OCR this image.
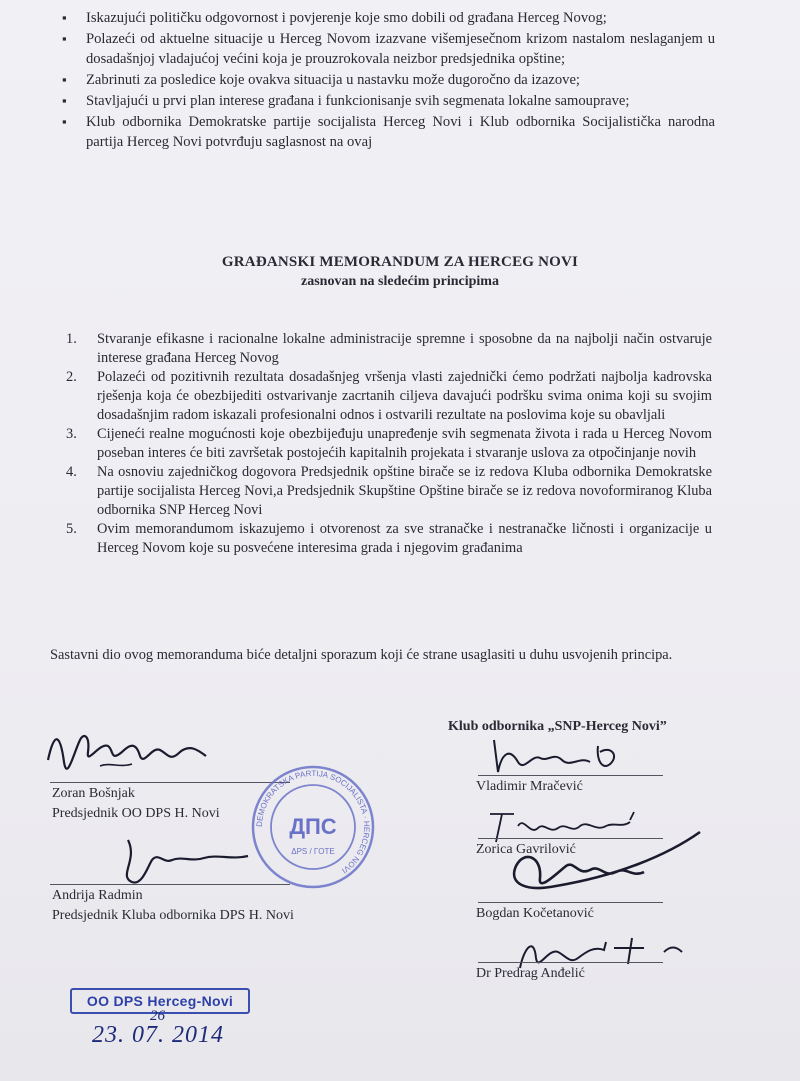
▪ Iskazujući političku odgovornost i povjerenje koje smo dobili od građana Herceg Novog;
▪ Polazeći od aktuelne situacije u Herceg Novom izazvane višemjesečnom krizom nastalom neslaganjem u dosadašnjoj vladajućoj većini koja je prouzrokovala neizbor predsjednika opštine;
▪ Zabrinuti za posledice koje ovakva situacija u nastavku može dugoročno da izazove;
▪ Stavljajući u prvi plan interese građana i funkcionisanje svih segmenata lokalne samouprave;
▪ Klub odbornika Demokratske partije socijalista Herceg Novi i Klub odbornika Socijalistička narodna partija Herceg Novi potvrđuju saglasnost na ovaj
GRAĐANSKI MEMORANDUM ZA HERCEG NOVI
zasnovan na sledećim principima
1. Stvaranje efikasne i racionalne lokalne administracije spremne i sposobne da na najbolji način ostvaruje interese građana Herceg Novog
2. Polazeći od pozitivnih rezultata dosadašnjeg vršenja vlasti zajednički ćemo podržati najbolja kadrovska rješenja koja će obezbijediti ostvarivanje zacrtanih ciljeva davajući podršku svima onima koji su svojim dosadašnjim radom iskazali profesionalni odnos i ostvarili rezultate na poslovima koje su obavljali
3. Cijeneći realne mogućnosti koje obezbijeđuju unapređenje svih segmenata života i rada u Herceg Novom poseban interes će biti završetak postojećih kapitalnih projekata i stvaranje uslova za otpočinjanje novih
4. Na osnoviu zajedničkog dogovora Predsjednik opštine birače se iz redova Kluba odbornika Demokratske partije socijalista Herceg Novi,a Predsjednik Skupštine Opštine birače se iz redova novoformiranog Kluba odbornika SNP Herceg Novi
5. Ovim memorandumom iskazujemo i otvorenost za sve stranačke i nestranačke ličnosti i organizacije u Herceg Novom koje su posvećene interesima grada i njegovim građanima
Sastavni dio ovog memoranduma biće detaljni sporazum koji će strane usaglasiti u duhu usvojenih principa.
Zoran Bošnjak
Predsjednik OO DPS H. Novi
Andrija Radmin
Predsjednik Kluba odbornika DPS H. Novi
DEMOKRATSKA PARTIJA SOCIJALISTA · HERCEG NOVI
ДПС
ΔPS / ΓΟΤΕ
Klub odbornika „SNP-Herceg Novi”
Vladimir Mračević
Zorica Gavrilović
Bogdan Kočetanović
Dr Predrag Anđelić
OO DPS Herceg-Novi
26
23. 07. 2014
